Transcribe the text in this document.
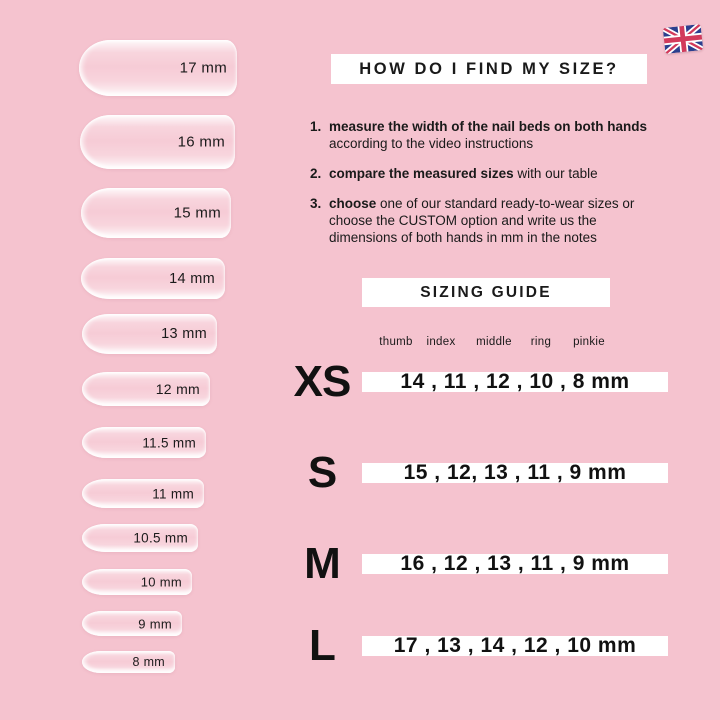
17 mm
16 mm
15 mm
14 mm
13 mm
12 mm
11.5 mm
11 mm
10.5 mm
10 mm
9 mm
8 mm
HOW DO I FIND MY SIZE?
1. measure the width of the nail beds on both hands according to the video instructions

2. compare the measured sizes with our table

3. choose one of our standard ready-to-wear sizes or choose the CUSTOM option and write us the dimensions of both hands in mm in the notes

SIZING GUIDE
thumb index middle ring pinkie
XS 14 , 11 , 12 , 10 , 8 mm
S	15 , 12, 13 , 11 , 9 mm
M	16 , 12 , 13 , 11 , 9 mm
L	17 , 13 , 14 , 12 , 10 mm
